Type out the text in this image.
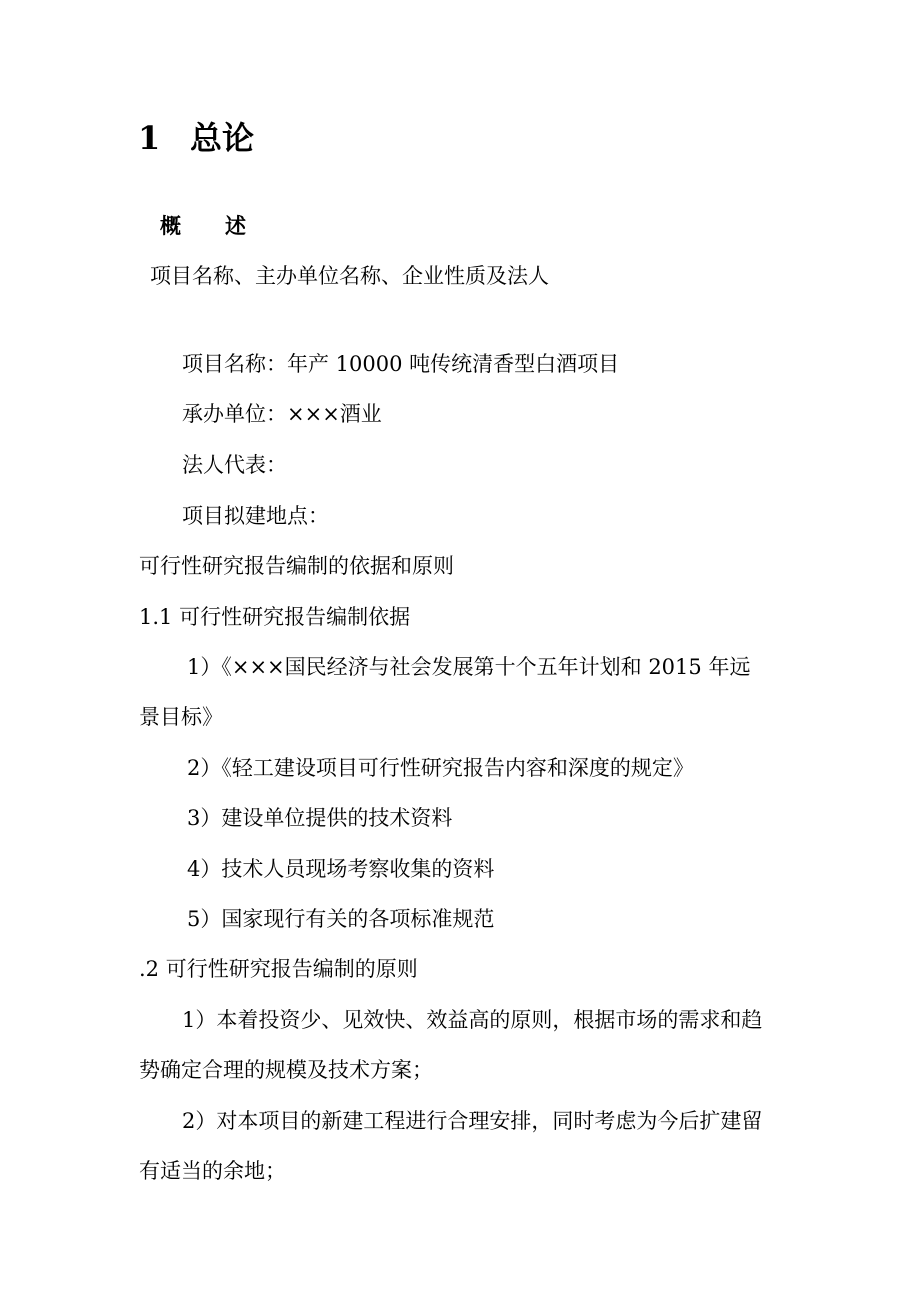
1 总论
概 述
项目名称、主办单位名称、企业性质及法人
项目名称：年产 10000 吨传统清香型白酒项目
承办单位：×××酒业
法人代表：
项目拟建地点：
可行性研究报告编制的依据和原则
1.1 可行性研究报告编制依据
1）《×××国民经济与社会发展第十个五年计划和 2015 年远
景目标》
2）《轻工建设项目可行性研究报告内容和深度的规定》
3）建设单位提供的技术资料
4）技术人员现场考察收集的资料
5）国家现行有关的各项标准规范
.2 可行性研究报告编制的原则
1）本着投资少、见效快、效益高的原则，根据市场的需求和趋
势确定合理的规模及技术方案；
2）对本项目的新建工程进行合理安排，同时考虑为今后扩建留
有适当的余地；
